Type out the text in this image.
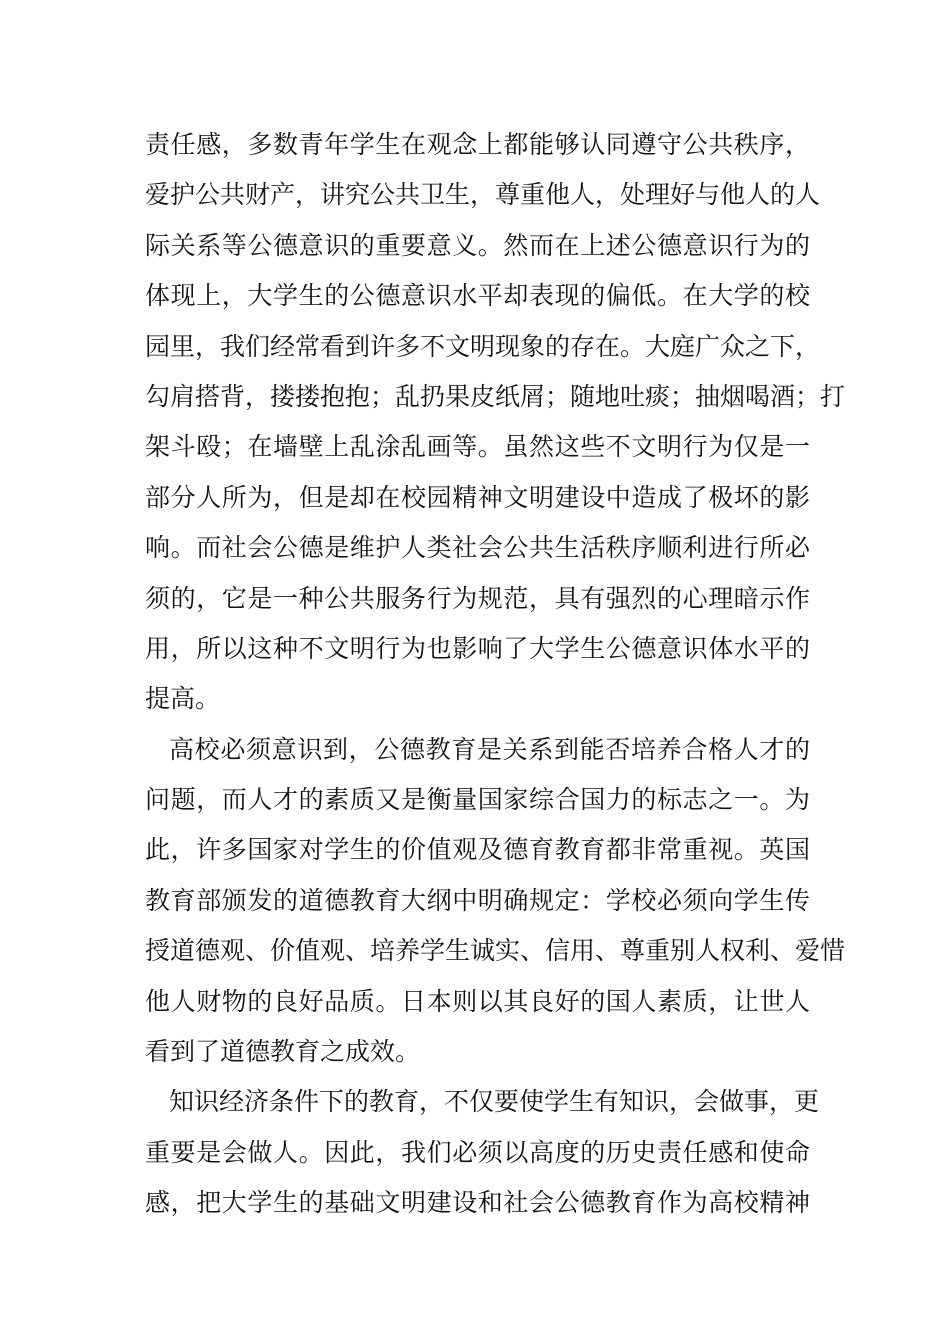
责任感，多数青年学生在观念上都能够认同遵守公共秩序，
爱护公共财产，讲究公共卫生，尊重他人，处理好与他人的人
际关系等公德意识的重要意义。然而在上述公德意识行为的
体现上，大学生的公德意识水平却表现的偏低。在大学的校
园里，我们经常看到许多不文明现象的存在。大庭广众之下，
勾肩搭背，搂搂抱抱；乱扔果皮纸屑；随地吐痰；抽烟喝酒；打
架斗殴；在墙壁上乱涂乱画等。虽然这些不文明行为仅是一
部分人所为，但是却在校园精神文明建设中造成了极坏的影
响。而社会公德是维护人类社会公共生活秩序顺利进行所必
须的，它是一种公共服务行为规范，具有强烈的心理暗示作
用，所以这种不文明行为也影响了大学生公德意识体水平的
提高。
高校必须意识到，公德教育是关系到能否培养合格人才的
问题，而人才的素质又是衡量国家综合国力的标志之一。为
此，许多国家对学生的价值观及德育教育都非常重视。英国
教育部颁发的道德教育大纲中明确规定：学校必须向学生传
授道德观、价值观、培养学生诚实、信用、尊重别人权利、爱惜
他人财物的良好品质。日本则以其良好的国人素质，让世人
看到了道德教育之成效。
知识经济条件下的教育，不仅要使学生有知识，会做事，更
重要是会做人。因此，我们必须以高度的历史责任感和使命
感，把大学生的基础文明建设和社会公德教育作为高校精神
